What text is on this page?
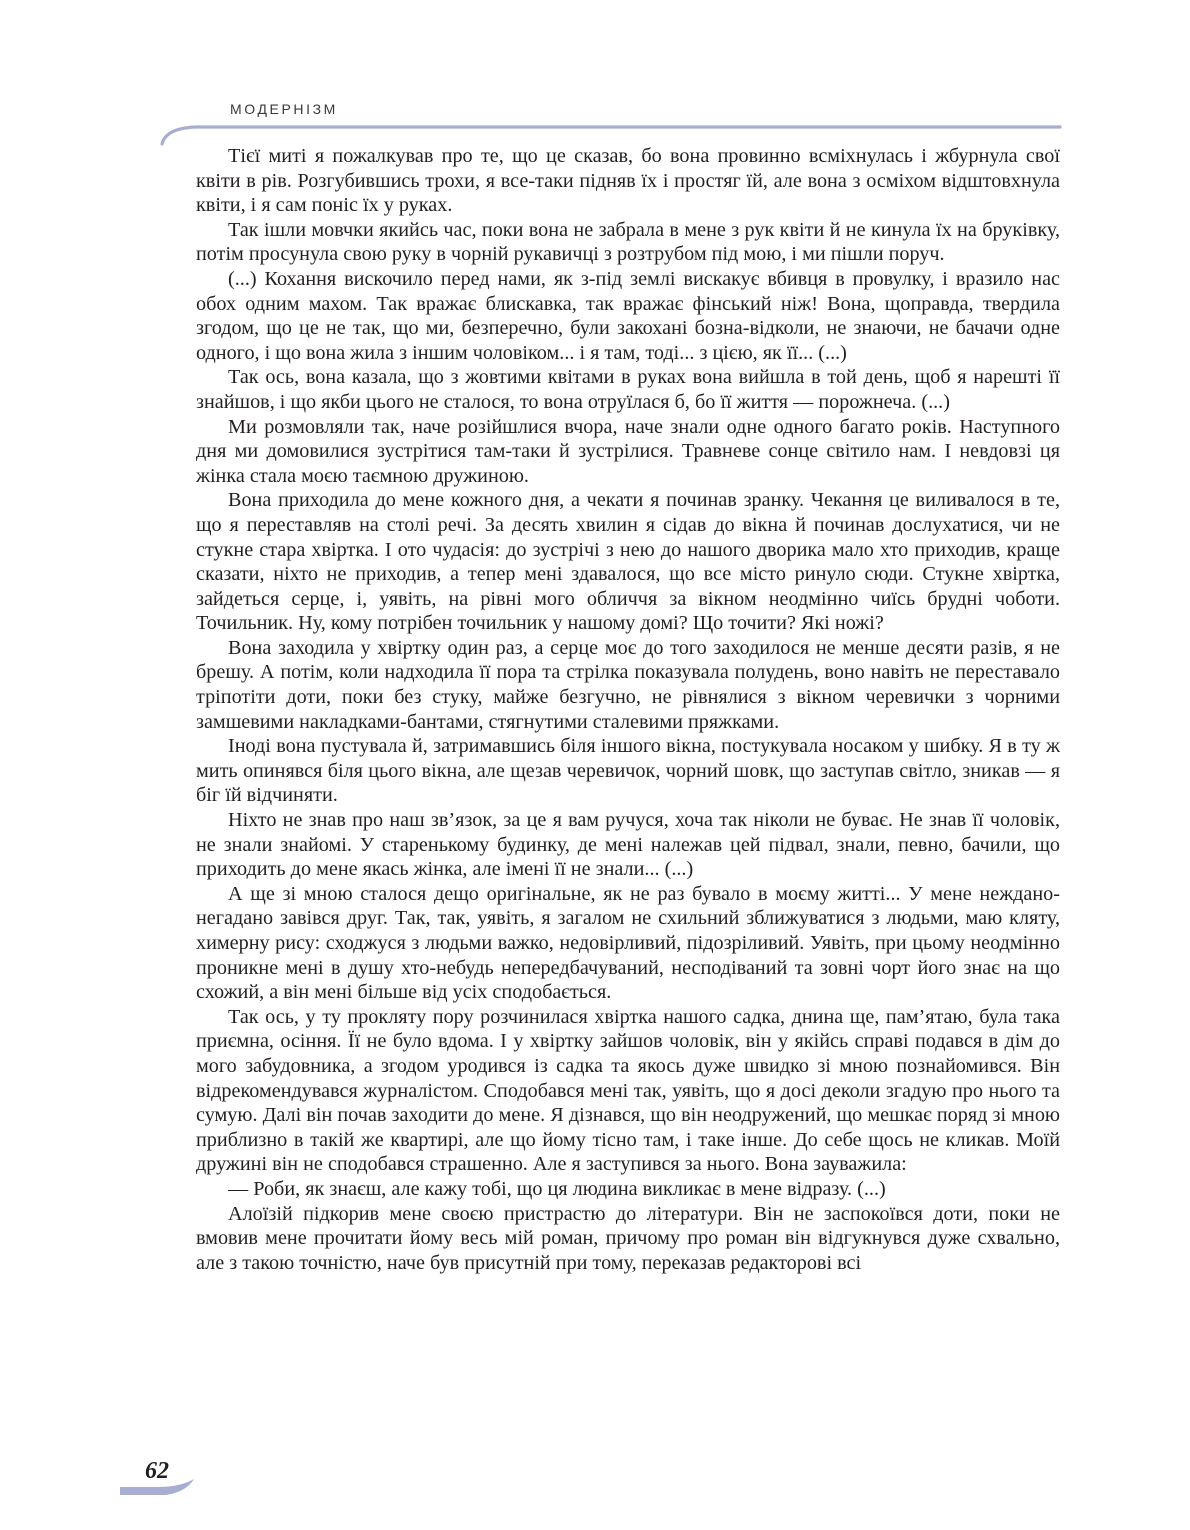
МОДЕРНІЗМ

Тієї миті я пожалкував про те, що це сказав, бо вона провинно всміхнулась і жбурнула свої квіти в рів. Розгубившись трохи, я все-таки підняв їх і простяг їй, але вона з осміхом відштовхнула квіти, і я сам поніс їх у руках.

Так ішли мовчки якийсь час, поки вона не забрала в мене з рук квіти й не кинула їх на бруківку, потім просунула свою руку в чорній рукавичці з розтрубом під мою, і ми пішли поруч.

(...) Кохання вискочило перед нами, як з-під землі вискакує вбивця в провулку, і вразило нас обох одним махом. Так вражає блискавка, так вражає фінський ніж! Вона, щоправда, твердила згодом, що це не так, що ми, безперечно, були закохані бозна-відколи, не знаючи, не бачачи одне одного, і що вона жила з іншим чоловіком... і я там, тоді... з цією, як її... (...)

Так ось, вона казала, що з жовтими квітами в руках вона вийшла в той день, щоб я нарешті її знайшов, і що якби цього не сталося, то вона отруїлася б, бо її життя — порожнеча. (...)

Ми розмовляли так, наче розійшлися вчора, наче знали одне одного багато років. Наступного дня ми домовилися зустрітися там-таки й зустрілися. Травневе сонце світило нам. І невдовзі ця жінка стала моєю таємною дружиною.

Вона приходила до мене кожного дня, а чекати я починав зранку. Чекання це виливалося в те, що я переставляв на столі речі. За десять хвилин я сідав до вікна й починав дослухатися, чи не стукне стара хвіртка. І ото чудасія: до зустрічі з нею до нашого дворика мало хто приходив, краще сказати, ніхто не приходив, а тепер мені здавалося, що все місто ринуло сюди. Стукне хвіртка, зайдеться серце, і, уявіть, на рівні мого обличчя за вікном неодмінно чиїсь брудні чоботи. Точильник. Ну, кому потрібен точильник у нашому домі? Що точити? Які ножі?

Вона заходила у хвіртку один раз, а серце моє до того заходилося не менше десяти разів, я не брешу. А потім, коли надходила її пора та стрілка показувала полудень, воно навіть не переставало тріпотіти доти, поки без стуку, майже безгучно, не рівнялися з вікном черевички з чорними замшевими накладками-бантами, стягнутими сталевими пряжками.

Іноді вона пустувала й, затримавшись біля іншого вікна, постукувала носаком у шибку. Я в ту ж мить опинявся біля цього вікна, але щезав черевичок, чорний шовк, що заступав світло, зникав — я біг їй відчиняти.

Ніхто не знав про наш зв’язок, за це я вам ручуся, хоча так ніколи не буває. Не знав її чоловік, не знали знайомі. У старенькому будинку, де мені належав цей підвал, знали, певно, бачили, що приходить до мене якась жінка, але імені її не знали... (...)

А ще зі мною сталося дещо оригінальне, як не раз бувало в моєму житті... У мене неждано-негадано завівся друг. Так, так, уявіть, я загалом не схильний зближуватися з людьми, маю кляту, химерну рису: сходжуся з людьми важко, недовірливий, підозріливий. Уявіть, при цьому неодмінно проникне мені в душу хто-небудь непередбачуваний, несподіваний та зовні чорт його знає на що схожий, а він мені більше від усіх сподобається.

Так ось, у ту прокляту пору розчинилася хвіртка нашого садка, днина ще, пам’ятаю, була така приємна, осіння. Її не було вдома. І у хвіртку зайшов чоловік, він у якійсь справі подався в дім до мого забудовника, а згодом уродився із садка та якось дуже швидко зі мною познайомився. Він відрекомендувався журналістом. Сподобався мені так, уявіть, що я досі деколи згадую про нього та сумую. Далі він почав заходити до мене. Я дізнався, що він неодружений, що мешкає поряд зі мною приблизно в такій же квартирі, але що йому тісно там, і таке інше. До себе щось не кликав. Моїй дружині він не сподобався страшенно. Але я заступився за нього. Вона зауважила:

— Роби, як знаєш, але кажу тобі, що ця людина викликає в мене відразу. (...)

Алоїзій підкорив мене своєю пристрастю до літератури. Він не заспокоївся доти, поки не вмовив мене прочитати йому весь мій роман, причому про роман він відгукнувся дуже схвально, але з такою точністю, наче був присутній при тому, переказав редакторові всі

62
